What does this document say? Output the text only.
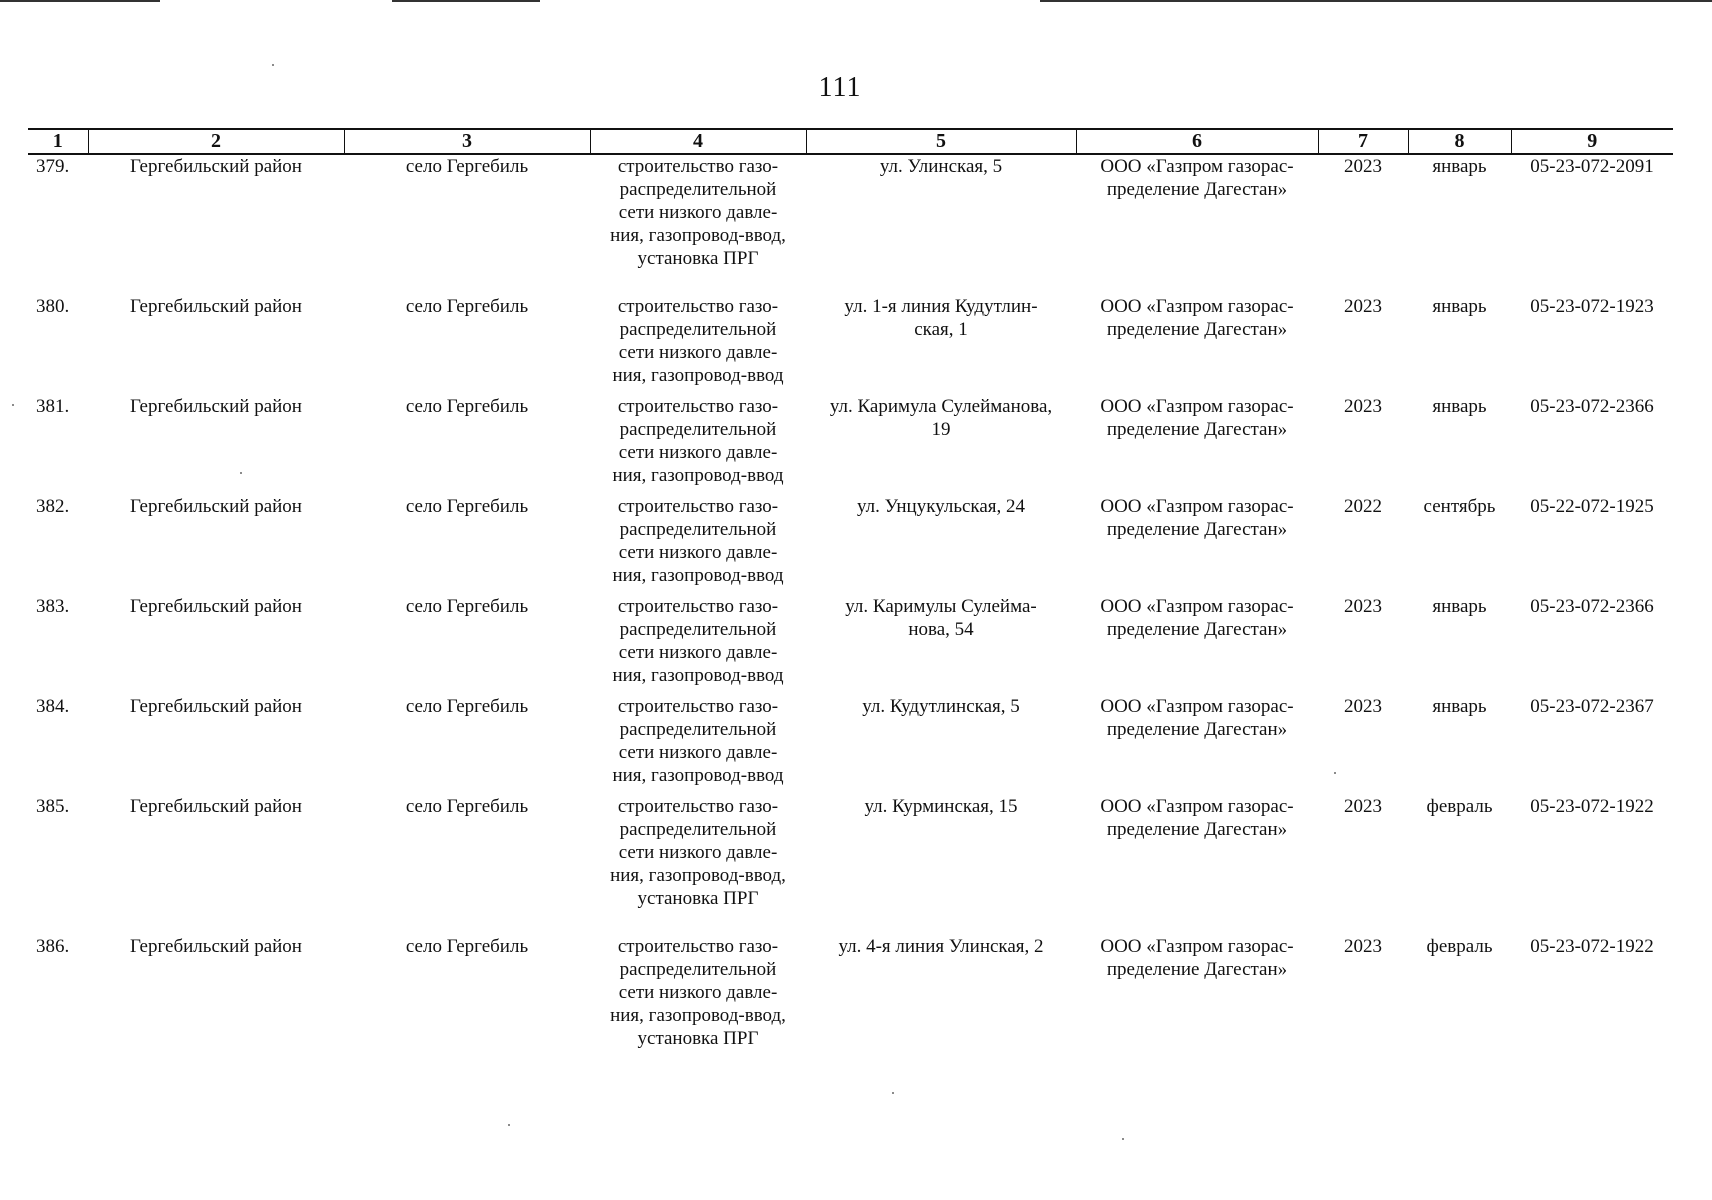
111
1	2	3	4	5	6	7	8	9
379.	Гергебильский район	село Гергебиль	строительство газо-
распределительной
сети низкого давле-
ния, газопровод-ввод,
установка ПРГ	ул. Улинская, 5	ООО «Газпром газорас-
пределение Дагестан»	2023	январь	05-23-072-2091
380.	Гергебильский район	село Гергебиль	строительство газо-
распределительной
сети низкого давле-
ния, газопровод-ввод	ул. 1-я линия Кудутлин-
ская, 1	ООО «Газпром газорас-
пределение Дагестан»	2023	январь	05-23-072-1923
381.	Гергебильский район	село Гергебиль	строительство газо-
распределительной
сети низкого давле-
ния, газопровод-ввод	ул. Каримула Сулейманова,
19	ООО «Газпром газорас-
пределение Дагестан»	2023	январь	05-23-072-2366
382.	Гергебильский район	село Гергебиль	строительство газо-
распределительной
сети низкого давле-
ния, газопровод-ввод	ул. Унцукульская, 24	ООО «Газпром газорас-
пределение Дагестан»	2022	сентябрь	05-22-072-1925
383.	Гергебильский район	село Гергебиль	строительство газо-
распределительной
сети низкого давле-
ния, газопровод-ввод	ул. Каримулы Сулейма-
нова, 54	ООО «Газпром газорас-
пределение Дагестан»	2023	январь	05-23-072-2366
384.	Гергебильский район	село Гергебиль	строительство газо-
распределительной
сети низкого давле-
ния, газопровод-ввод	ул. Кудутлинская, 5	ООО «Газпром газорас-
пределение Дагестан»	2023	январь	05-23-072-2367
385.	Гергебильский район	село Гергебиль	строительство газо-
распределительной
сети низкого давле-
ния, газопровод-ввод,
установка ПРГ	ул. Курминская, 15	ООО «Газпром газорас-
пределение Дагестан»	2023	февраль	05-23-072-1922
386.	Гергебильский район	село Гергебиль	строительство газо-
распределительной
сети низкого давле-
ния, газопровод-ввод,
установка ПРГ	ул. 4-я линия Улинская, 2	ООО «Газпром газорас-
пределение Дагестан»	2023	февраль	05-23-072-1922
